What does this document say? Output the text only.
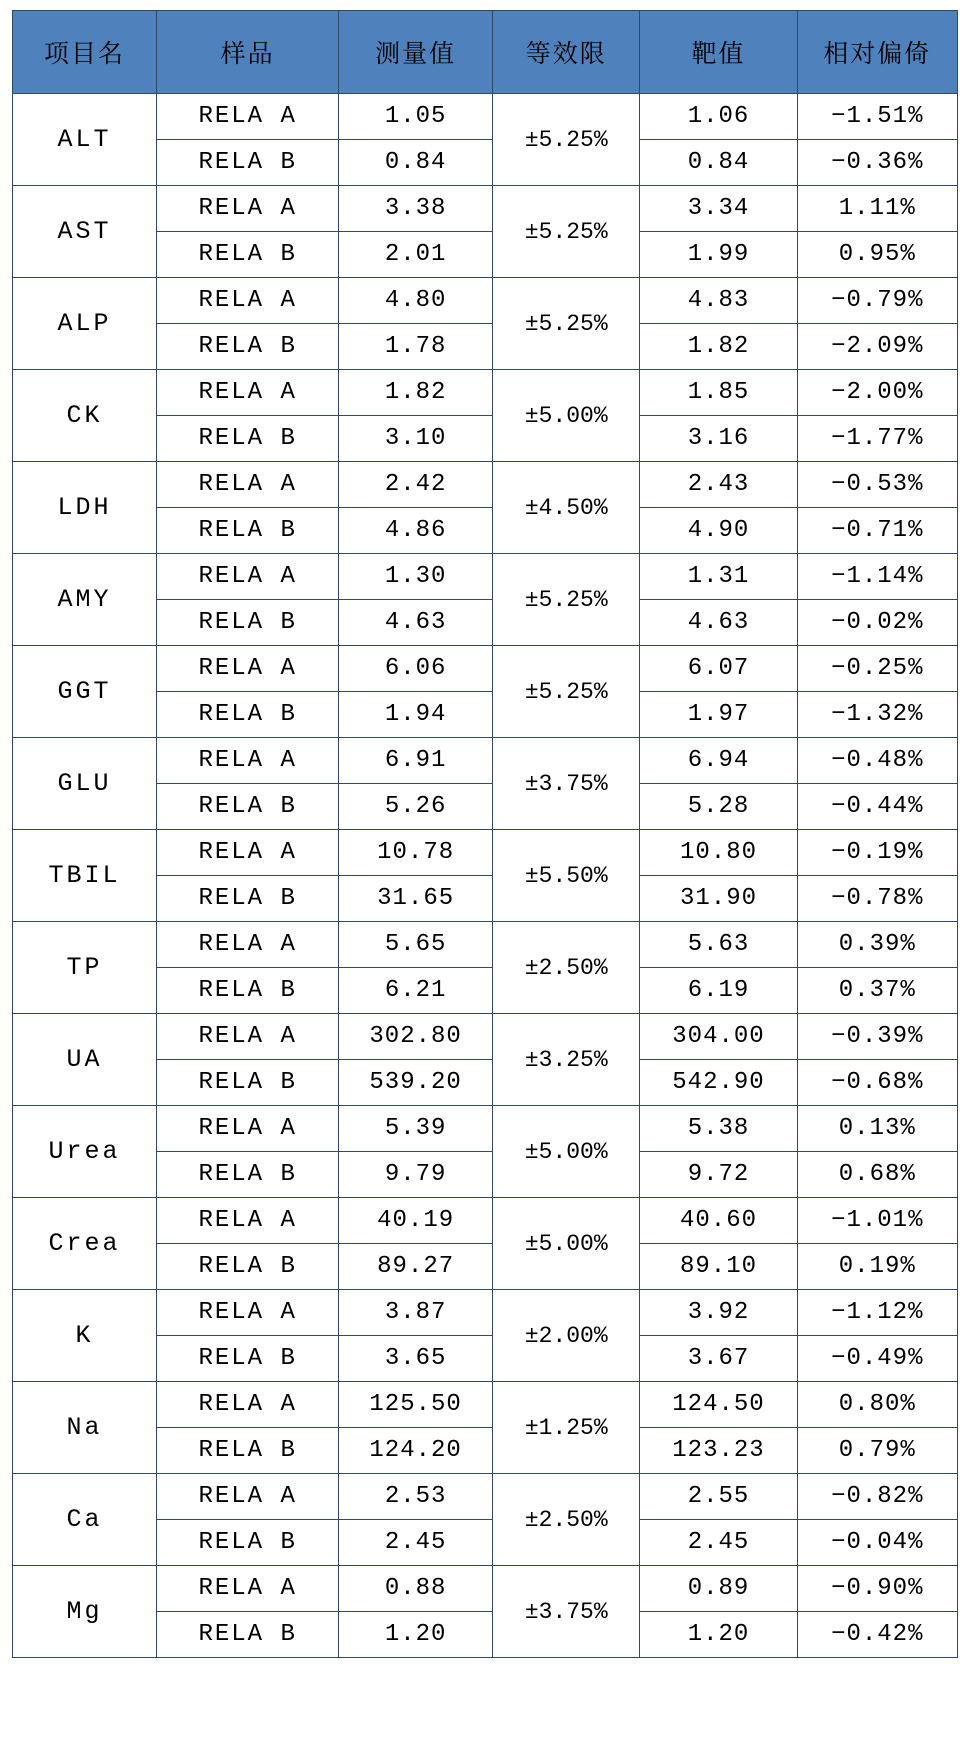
项目名	样品	测量值	等效限	靶值	相对偏倚
ALT	RELA A	1.05	±5.25%	1.06	−1.51%
	RELA B	0.84		0.84	−0.36%
AST	RELA A	3.38	±5.25%	3.34	1.11%
	RELA B	2.01		1.99	0.95%
ALP	RELA A	4.80	±5.25%	4.83	−0.79%
	RELA B	1.78		1.82	−2.09%
CK	RELA A	1.82	±5.00%	1.85	−2.00%
	RELA B	3.10		3.16	−1.77%
LDH	RELA A	2.42	±4.50%	2.43	−0.53%
	RELA B	4.86		4.90	−0.71%
AMY	RELA A	1.30	±5.25%	1.31	−1.14%
	RELA B	4.63		4.63	−0.02%
GGT	RELA A	6.06	±5.25%	6.07	−0.25%
	RELA B	1.94		1.97	−1.32%
GLU	RELA A	6.91	±3.75%	6.94	−0.48%
	RELA B	5.26		5.28	−0.44%
TBIL	RELA A	10.78	±5.50%	10.80	−0.19%
	RELA B	31.65		31.90	−0.78%
TP	RELA A	5.65	±2.50%	5.63	0.39%
	RELA B	6.21		6.19	0.37%
UA	RELA A	302.80	±3.25%	304.00	−0.39%
	RELA B	539.20		542.90	−0.68%
Urea	RELA A	5.39	±5.00%	5.38	0.13%
	RELA B	9.79		9.72	0.68%
Crea	RELA A	40.19	±5.00%	40.60	−1.01%
	RELA B	89.27		89.10	0.19%
K	RELA A	3.87	±2.00%	3.92	−1.12%
	RELA B	3.65		3.67	−0.49%
Na	RELA A	125.50	±1.25%	124.50	0.80%
	RELA B	124.20		123.23	0.79%
Ca	RELA A	2.53	±2.50%	2.55	−0.82%
	RELA B	2.45		2.45	−0.04%
Mg	RELA A	0.88	±3.75%	0.89	−0.90%
	RELA B	1.20		1.20	−0.42%
